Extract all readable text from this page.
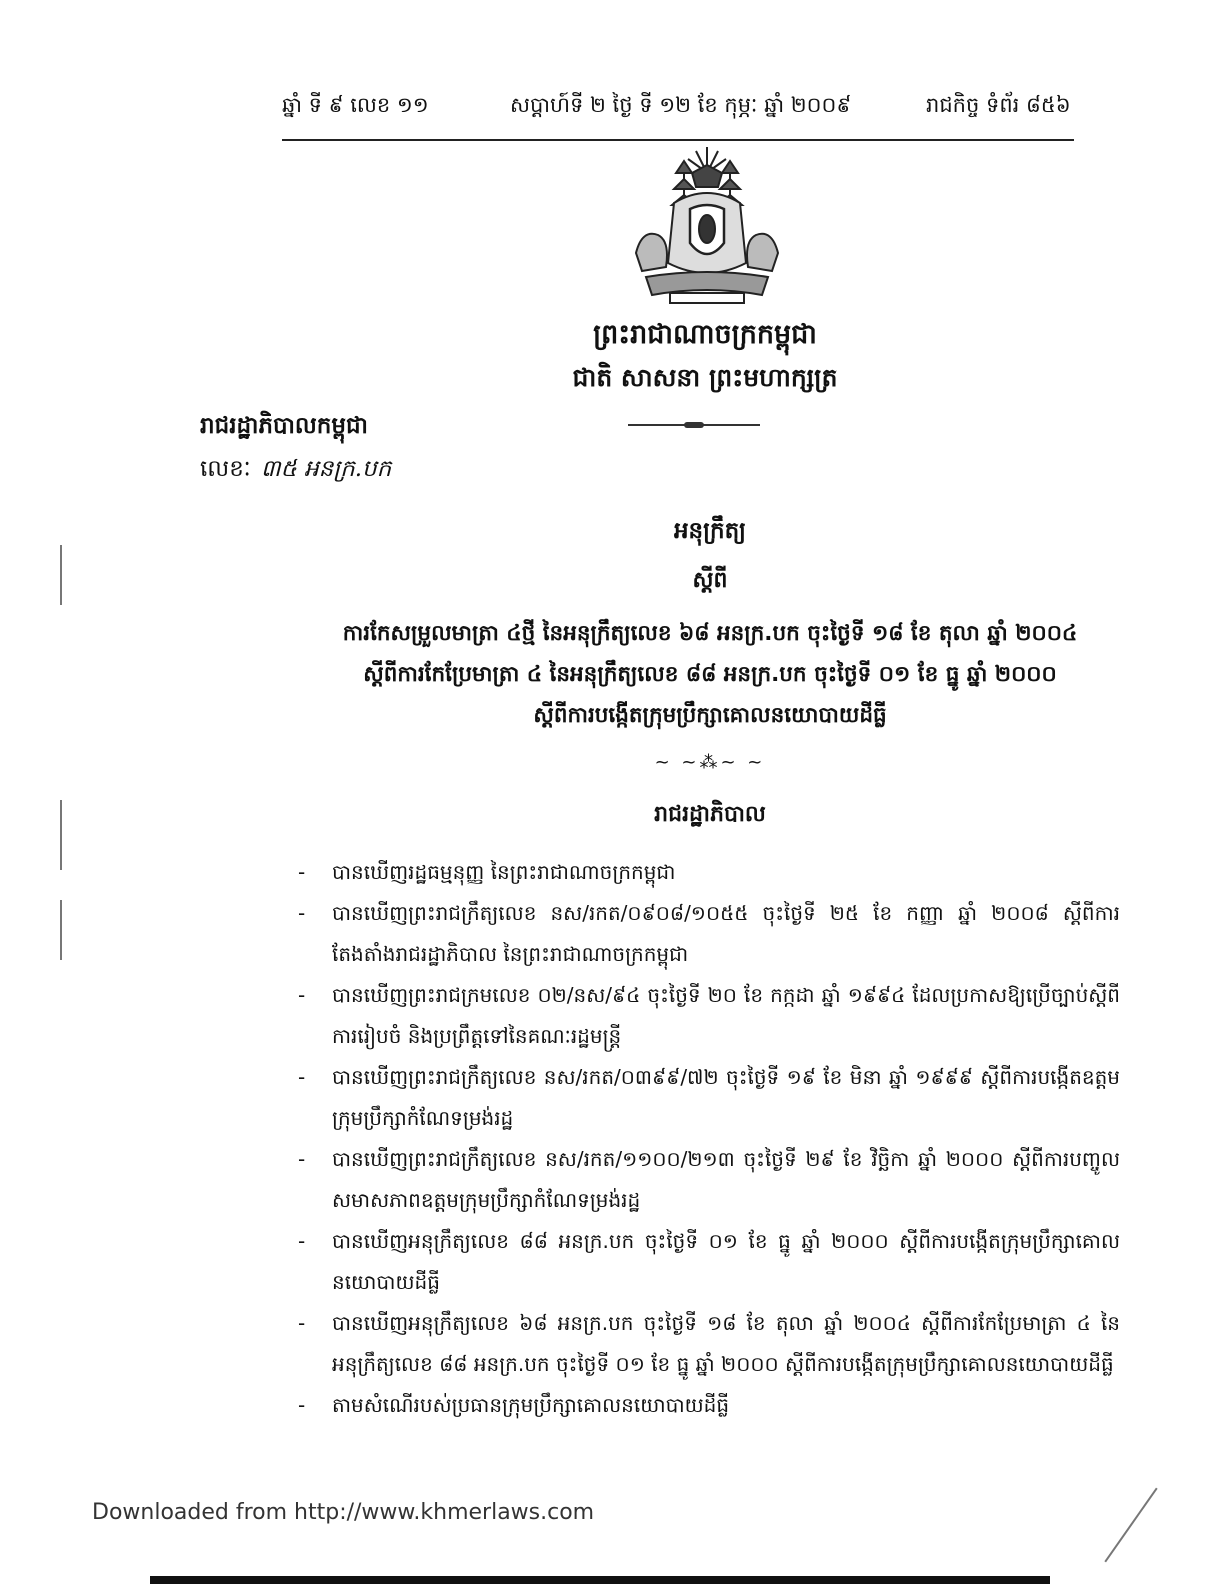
ឆ្នាំ ទី ៩ លេខ ១១	សប្តាហ៍ទី ២ ថ្ងៃ ទី ១២ ខែ កុម្ភៈ ឆ្នាំ ២០០៩	រាជកិច្ច ទំព័រ ៨៥៦
ព្រះរាជាណាចក្រកម្ពុជា
ជាតិ សាសនា ព្រះមហាក្សត្រ
រាជរដ្ឋាភិបាលកម្ពុជា
លេខៈ ៣៥ អនក្រ.បក
អនុក្រឹត្យ
ស្តីពី
ការកែសម្រួលមាត្រា ៤ថ្មី នៃអនុក្រឹត្យលេខ ៦៨ អនក្រ.បក ចុះថ្ងៃទី ១៨ ខែ តុលា ឆ្នាំ ២០០៤
ស្តីពីការកែប្រែមាត្រា ៤ នៃអនុក្រឹត្យលេខ ៨៨ អនក្រ.បក ចុះថ្ងៃទី ០១ ខែ ធ្នូ ឆ្នាំ ២០០០
ស្តីពីការបង្កើតក្រុមប្រឹក្សាគោលនយោបាយដីធ្លី
~ ~⁂~ ~
រាជរដ្ឋាភិបាល
- បានឃើញរដ្ឋធម្មនុញ្ញ នៃព្រះរាជាណាចក្រកម្ពុជា
- បានឃើញព្រះរាជក្រឹត្យលេខ នស/រកត/០៩០៨/១០៥៥ ចុះថ្ងៃទី ២៥ ខែ កញ្ញា ឆ្នាំ ២០០៨ ស្តីពីការតែងតាំងរាជរដ្ឋាភិបាល នៃព្រះរាជាណាចក្រកម្ពុជា
- បានឃើញព្រះរាជក្រមលេខ ០២/នស/៩៤ ចុះថ្ងៃទី ២០ ខែ កក្កដា ឆ្នាំ ១៩៩៤ ដែលប្រកាសឱ្យប្រើច្បាប់ស្តីពីការរៀបចំ និងប្រព្រឹត្តទៅនៃគណៈរដ្ឋមន្ត្រី
- បានឃើញព្រះរាជក្រឹត្យលេខ នស/រកត/០៣៩៩/៧២ ចុះថ្ងៃទី ១៩ ខែ មិនា ឆ្នាំ ១៩៩៩ ស្តីពីការបង្កើតឧត្តមក្រុមប្រឹក្សាកំណែទម្រង់រដ្ឋ
- បានឃើញព្រះរាជក្រឹត្យលេខ នស/រកត/១១០០/២១៣ ចុះថ្ងៃទី ២៩ ខែ វិច្ឆិកា ឆ្នាំ ២០០០ ស្តីពីការបញ្ចូលសមាសភាពឧត្តមក្រុមប្រឹក្សាកំណែទម្រង់រដ្ឋ
- បានឃើញអនុក្រឹត្យលេខ ៨៨ អនក្រ.បក ចុះថ្ងៃទី ០១ ខែ ធ្នូ ឆ្នាំ ២០០០ ស្តីពីការបង្កើតក្រុមប្រឹក្សាគោលនយោបាយដីធ្លី
- បានឃើញអនុក្រឹត្យលេខ ៦៨ អនក្រ.បក ចុះថ្ងៃទី ១៨ ខែ តុលា ឆ្នាំ ២០០៤ ស្តីពីការកែប្រែមាត្រា ៤ នៃអនុក្រឹត្យលេខ ៨៨ អនក្រ.បក ចុះថ្ងៃទី ០១ ខែ ធ្នូ ឆ្នាំ ២០០០ ស្តីពីការបង្កើតក្រុមប្រឹក្សាគោលនយោបាយដីធ្លី
- តាមសំណើរបស់ប្រធានក្រុមប្រឹក្សាគោលនយោបាយដីធ្លី
Downloaded from http://www.khmerlaws.com
